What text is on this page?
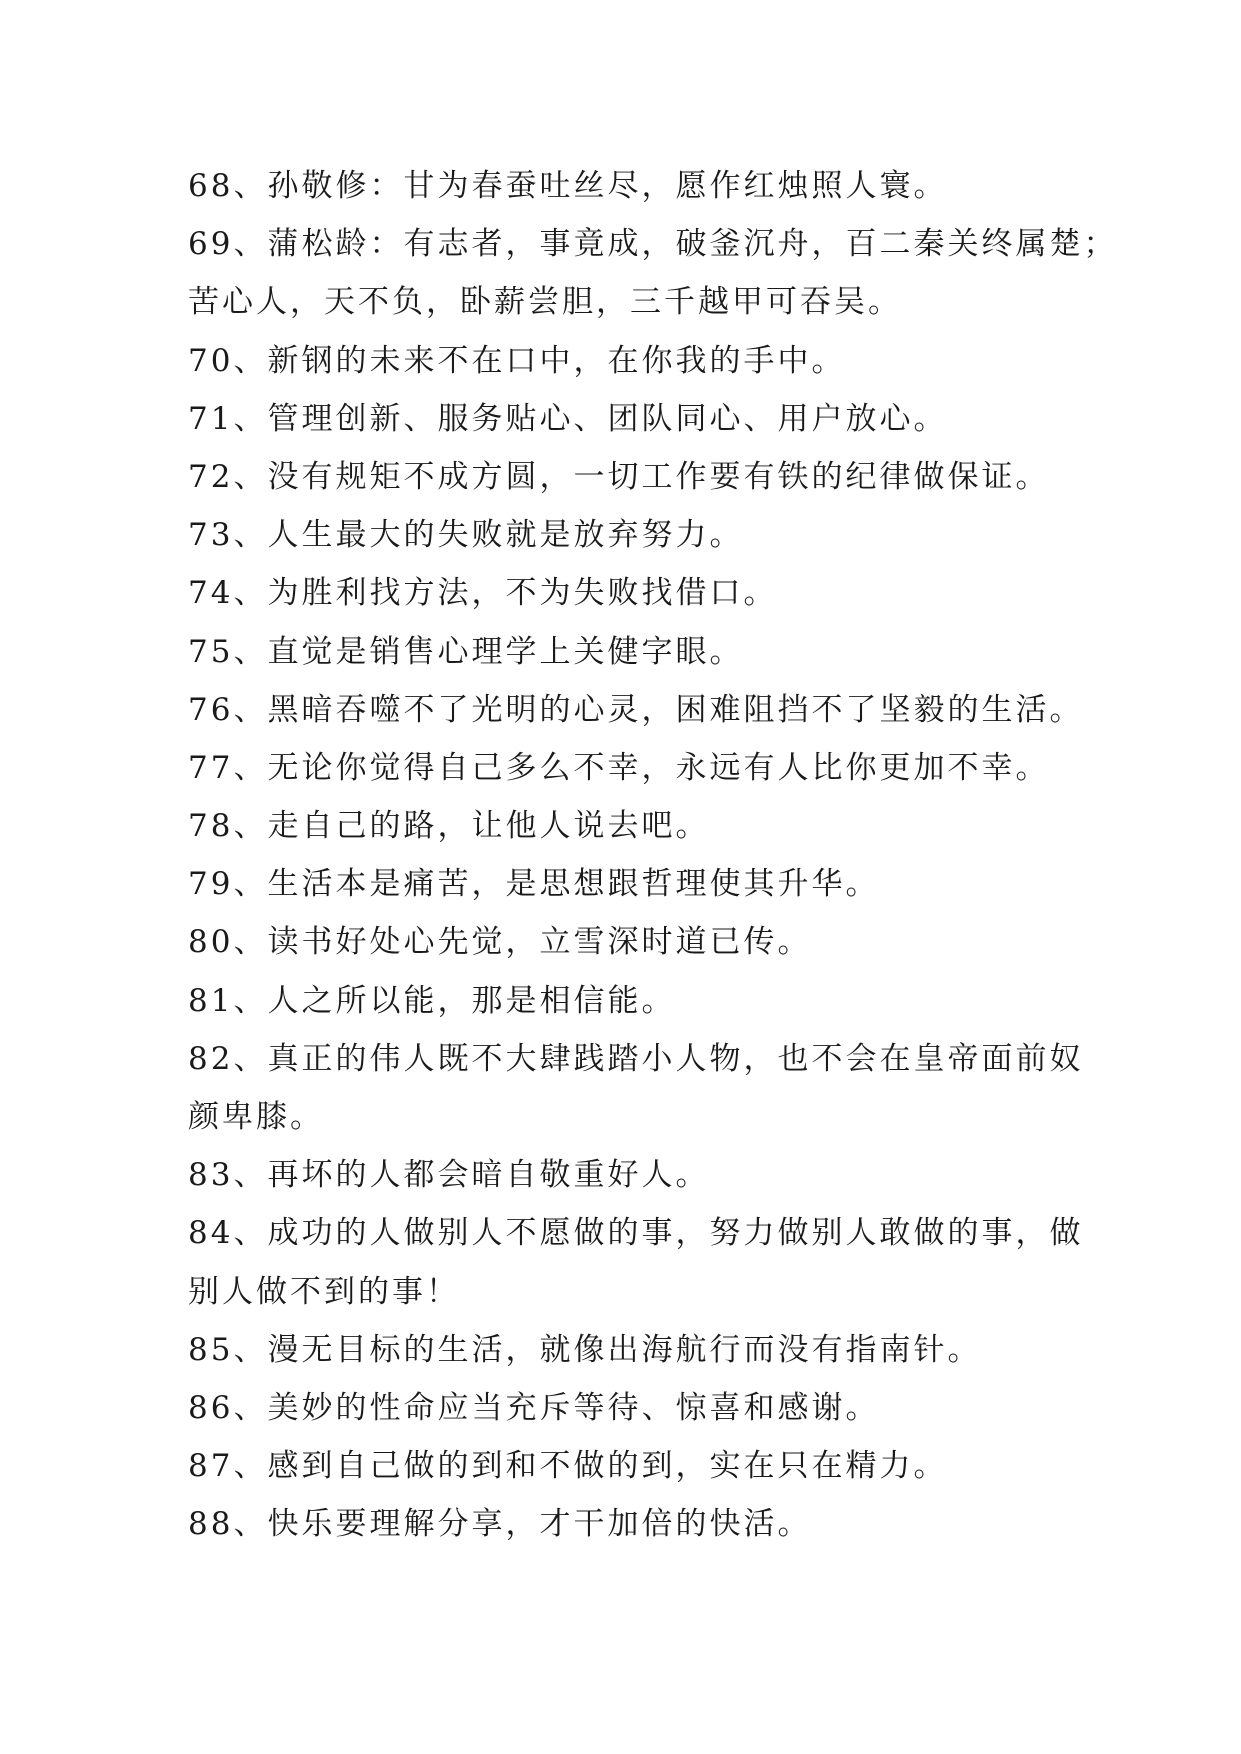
68、孙敬修：甘为春蚕吐丝尽，愿作红烛照人寰。

69、蒲松龄：有志者，事竟成，破釜沉舟，百二秦关终属楚；

苦心人，天不负，卧薪尝胆，三千越甲可吞吴。

70、新钢的未来不在口中，在你我的手中。

71、管理创新、服务贴心、团队同心、用户放心。

72、没有规矩不成方圆，一切工作要有铁的纪律做保证。

73、人生最大的失败就是放弃努力。

74、为胜利找方法，不为失败找借口。

75、直觉是销售心理学上关健字眼。

76、黑暗吞噬不了光明的心灵，困难阻挡不了坚毅的生活。

77、无论你觉得自己多么不幸，永远有人比你更加不幸。

78、走自己的路，让他人说去吧。

79、生活本是痛苦，是思想跟哲理使其升华。

80、读书好处心先觉，立雪深时道已传。

81、人之所以能，那是相信能。

82、真正的伟人既不大肆践踏小人物，也不会在皇帝面前奴

颜卑膝。

83、再坏的人都会暗自敬重好人。

84、成功的人做别人不愿做的事，努力做别人敢做的事，做

别人做不到的事！

85、漫无目标的生活，就像出海航行而没有指南针。

86、美妙的性命应当充斥等待、惊喜和感谢。

87、感到自己做的到和不做的到，实在只在精力。

88、快乐要理解分享，才干加倍的快活。
